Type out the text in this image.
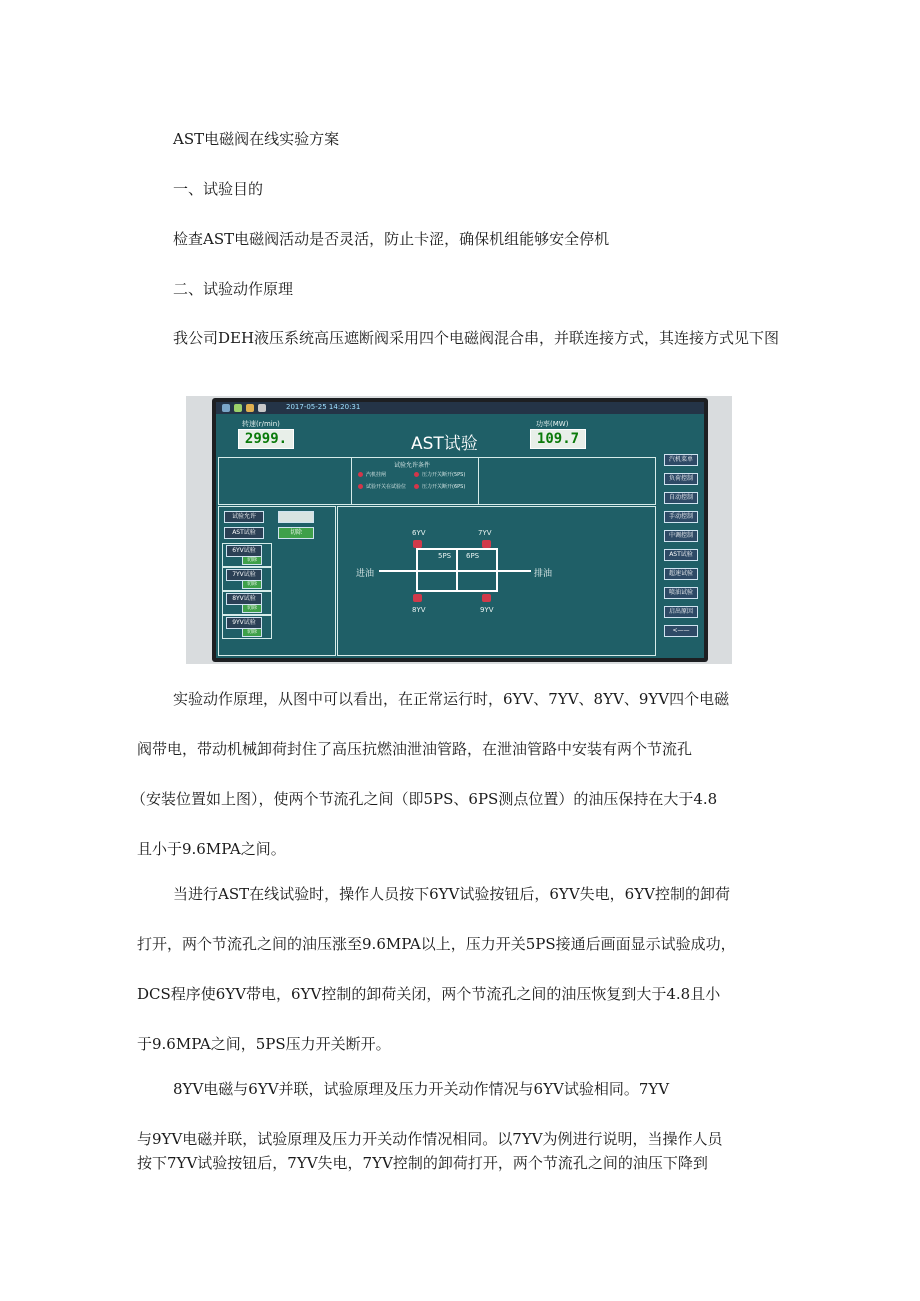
AST电磁阀在线实验方案

一、试验目的

检查AST电磁阀活动是否灵活，防止卡涩，确保机组能够安全停机

二、试验动作原理

我公司DEH液压系统高压遮断阀采用四个电磁阀混合串，并联连接方式，其连接方式见下图

2017-05-25 14:20:31
转速(r/min)
2999.
功率(MW)
109.7
AST试验
试验允许条件
汽机挂闸	压力开关断开(5PS)
试验开关在试验位	压力开关断开(6PS)
试验允许
AST试验	切除
6YV试验
切除
7YV试验
切除
8YV试验
切除
9YV试验
切除
进油	排油
6YV	7YV
8YV	9YV
5PS 6PS
汽机菜单
负荷控制
自动控制
手动控制
中调控制
AST试验
超速试验
喷油试验
启出原因
<——

实验动作原理，从图中可以看出，在正常运行时，6YV、7YV、8YV、9YV四个电磁

阀带电，带动机械卸荷封住了高压抗燃油泄油管路，在泄油管路中安装有两个节流孔

（安装位置如上图），使两个节流孔之间（即5PS、6PS测点位置）的油压保持在大于4.8

且小于9.6MPA之间。

当进行AST在线试验时，操作人员按下6YV试验按钮后，6YV失电，6YV控制的卸荷

打开，两个节流孔之间的油压涨至9.6MPA以上，压力开关5PS接通后画面显示试验成功，

DCS程序使6YV带电，6YV控制的卸荷关闭，两个节流孔之间的油压恢复到大于4.8且小

于9.6MPA之间，5PS压力开关断开。

8YV电磁与6YV并联，试验原理及压力开关动作情况与6YV试验相同。7YV

与9YV电磁并联，试验原理及压力开关动作情况相同。以7YV为例进行说明，当操作人员

按下7YV试验按钮后，7YV失电，7YV控制的卸荷打开，两个节流孔之间的油压下降到
